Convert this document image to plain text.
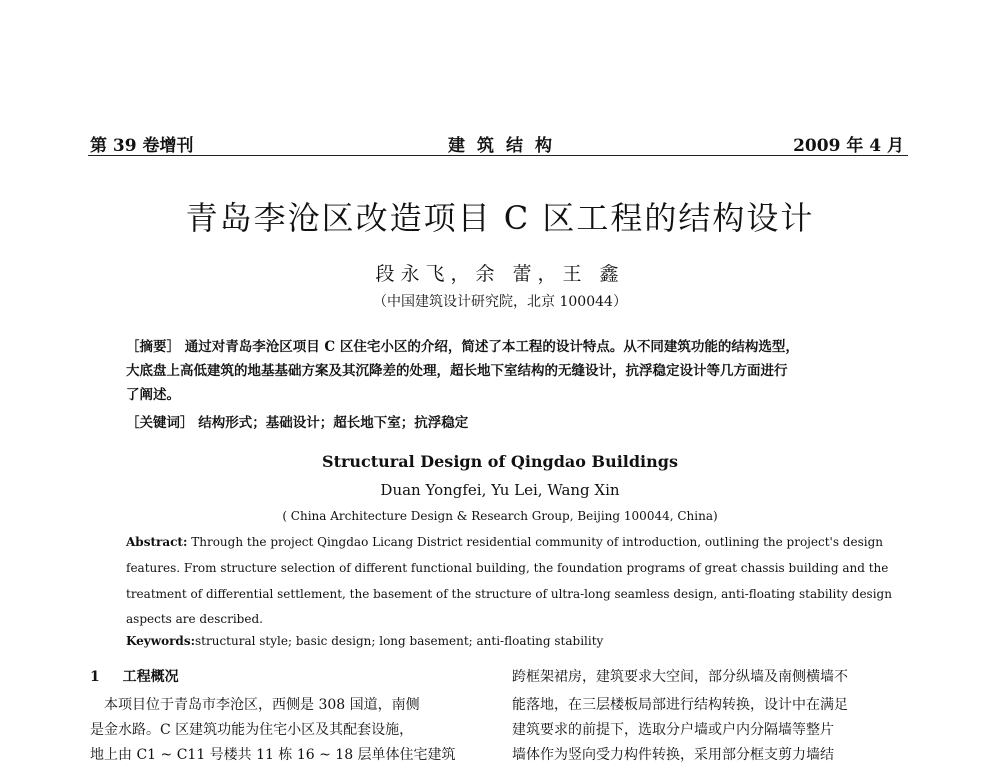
第 39 卷增刊	建筑结构	2009 年 4 月
青岛李沧区改造项目 C 区工程的结构设计
段永飞，余 蕾，王 鑫
（中国建筑设计研究院，北京 100044）
［摘要］ 通过对青岛李沧区项目 C 区住宅小区的介绍，简述了本工程的设计特点。从不同建筑功能的结构选型，
大底盘上高低建筑的地基基础方案及其沉降差的处理，超长地下室结构的无缝设计，抗浮稳定设计等几方面进行
了阐述。
［关键词］ 结构形式；基础设计；超长地下室；抗浮稳定
Structural Design of Qingdao Buildings
Duan Yongfei, Yu Lei, Wang Xin
( China Architecture Design & Research Group, Beijing 100044, China)
Abstract: Through the project Qingdao Licang District residential community of introduction, outlining the project's design
features. From structure selection of different functional building, the foundation programs of great chassis building and the
treatment of differential settlement, the basement of the structure of ultra-long seamless design, anti-floating stability design
aspects are described.
Keywords:structural style; basic design; long basement; anti-floating stability
1 工程概况
　本项目位于青岛市李沧区，西侧是 308 国道，南侧
是金水路。C 区建筑功能为住宅小区及其配套设施，
地上由 C1 ~ C11 号楼共 11 栋 16 ~ 18 层单体住宅建筑
跨框架裙房，建筑要求大空间，部分纵墙及南侧横墙不
能落地，在三层楼板局部进行结构转换，设计中在满足
建筑要求的前提下，选取分户墙或户内分隔墙等整片
墙体作为竖向受力构件转换，采用部分框支剪力墙结
